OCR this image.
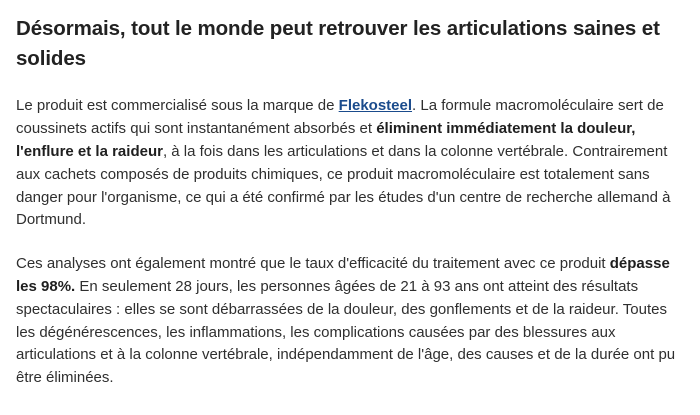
Désormais, tout le monde peut retrouver les articulations saines et solides

Le produit est commercialisé sous la marque de Flekosteel. La formule macromoléculaire sert de coussinets actifs qui sont instantanément absorbés et éliminent immédiatement la douleur, l'enflure et la raideur, à la fois dans les articulations et dans la colonne vertébrale. Contrairement aux cachets composés de produits chimiques, ce produit macromoléculaire est totalement sans danger pour l'organisme, ce qui a été confirmé par les études d'un centre de recherche allemand à Dortmund.

Ces analyses ont également montré que le taux d'efficacité du traitement avec ce produit dépasse les 98%. En seulement 28 jours, les personnes âgées de 21 à 93 ans ont atteint des résultats spectaculaires : elles se sont débarrassées de la douleur, des gonflements et de la raideur. Toutes les dégénérescences, les inflammations, les complications causées par des blessures aux articulations et à la colonne vertébrale, indépendamment de l'âge, des causes et de la durée ont pu être éliminées.
